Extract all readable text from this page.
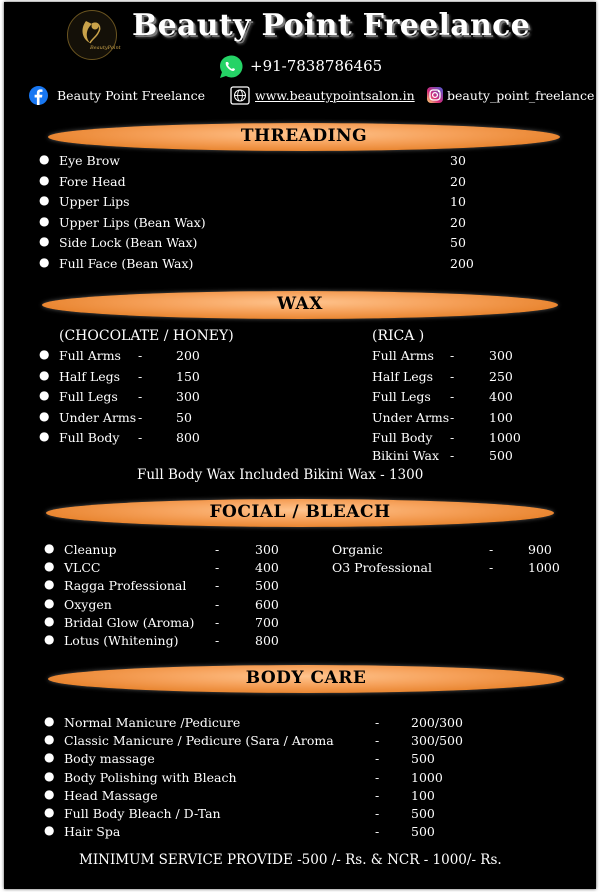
BeautyPoint
Beauty Point Freelance
+91-7838786465
Beauty Point Freelance	www.beautypointsalon.in	beauty_point_freelance
THREADING
● Eye Brow	30
● Fore Head	20
● Upper Lips	10
● Upper Lips (Bean Wax)	20
● Side Lock (Bean Wax)	50
● Full Face (Bean Wax)	200
WAX
(CHOCOLATE / HONEY)	(RICA )
● Full Arms -	200
● Half Legs -	150
● Full Legs -	300
● Under Arms -	50
● Full Body -	800
Full Arms -	300
Half Legs -	250
Full Legs -	400
Under Arms -	100
Full Body -	1000
Bikini Wax -	500
Full Body Wax Included Bikini Wax - 1300
FOCIAL / BLEACH
● Cleanup	-	300
● VLCC	-	400
● Ragga Professional -	500
● Oxygen	-	600
● Bridal Glow (Aroma) -	700
● Lotus (Whitening)	-	800
Organic	-	900
O3 Professional	-	1000
BODY CARE
● Normal Manicure /Pedicure	-	200/300
● Classic Manicure / Pedicure (Sara / Aroma	-	300/500
● Body massage	-	500
● Body Polishing with Bleach	-	1000
● Head Massage	-	100
● Full Body Bleach / D-Tan	-	500
● Hair Spa	-	500
MINIMUM SERVICE PROVIDE -500 /- Rs. & NCR - 1000/- Rs.
